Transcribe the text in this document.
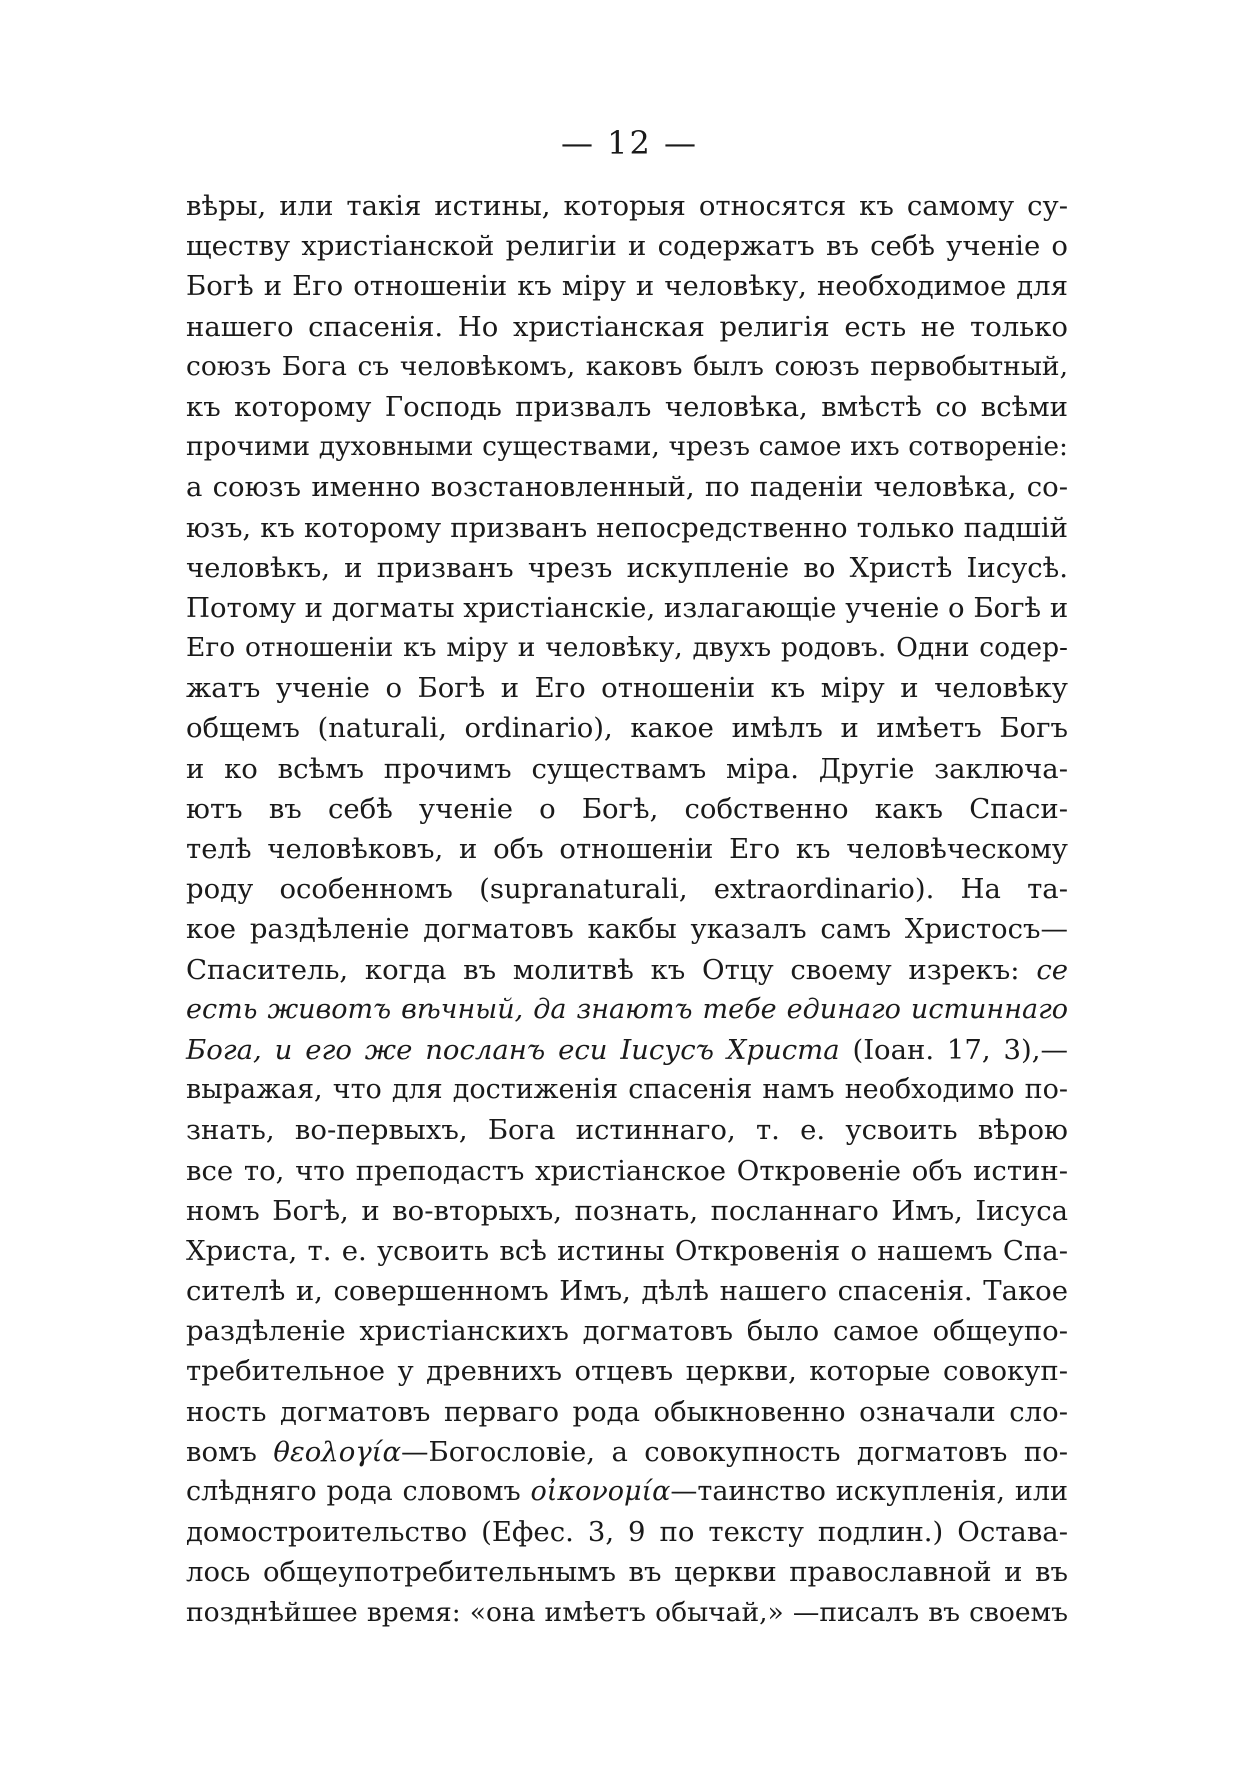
— 12 —
вѣры, или такія истины, которыя относятся къ самому су-
ществу христіанской религіи и содержатъ въ себѣ ученіе о
Богѣ и Его отношеніи къ міру и человѣку, необходимое для
нашего спасенія. Но христіанская религія есть не только
союзъ Бога съ человѣкомъ, каковъ былъ союзъ первобытный,
къ которому Господь призвалъ человѣка, вмѣстѣ со всѣми
прочими духовными существами, чрезъ самое ихъ сотвореніе:
а союзъ именно возстановленный, по паденіи человѣка, со-
юзъ, къ которому призванъ непосредственно только падшій
человѣкъ, и призванъ чрезъ искупленіе во Христѣ Іисусѣ.
Потому и догматы христіанскіе, излагающіе ученіе о Богѣ и
Его отношеніи къ міру и человѣку, двухъ родовъ. Одни содер-
жатъ ученіе о Богѣ и Его отношеніи къ міру и человѣку
общемъ (naturali, ordinario), какое имѣлъ и имѣетъ Богъ
и ко всѣмъ прочимъ существамъ міра. Другіе заключа-
ютъ въ себѣ ученіе о Богѣ, собственно какъ Спаси-
телѣ человѣковъ, и объ отношеніи Его къ человѣческому
роду особенномъ (supranaturali, extraordinario). На та-
кое раздѣленіе догматовъ какбы указалъ самъ Христосъ—
Спаситель, когда въ молитвѣ къ Отцу своему изрекъ: се
есть животъ вѣчный, да знаютъ тебе единаго истиннаго
Бога, и его же посланъ еси Іисусъ Христа (Іоан. 17, 3),—
выражая, что для достиженія спасенія намъ необходимо по-
знать, во-первыхъ, Бога истиннаго, т. е. усвоить вѣрою
все то, что преподастъ христіанское Откровеніе объ истин-
номъ Богѣ, и во-вторыхъ, познать, посланнаго Имъ, Іисуса
Христа, т. е. усвоить всѣ истины Откровенія о нашемъ Спа-
сителѣ и, совершенномъ Имъ, дѣлѣ нашего спасенія. Такое
раздѣленіе христіанскихъ догматовъ было самое общеупо-
требительное у древнихъ отцевъ церкви, которые совокуп-
ность догматовъ перваго рода обыкновенно означали сло-
вомъ θεολογία—Богословіе, а совокупность догматовъ по-
слѣдняго рода словомъ οἰκονομία—таинство искупленія, или
домостроительство (Ефес. 3, 9 по тексту подлин.) Остава-
лось общеупотребительнымъ въ церкви православной и въ
позднѣйшее время: «она имѣетъ обычай,» —писалъ въ своемъ
